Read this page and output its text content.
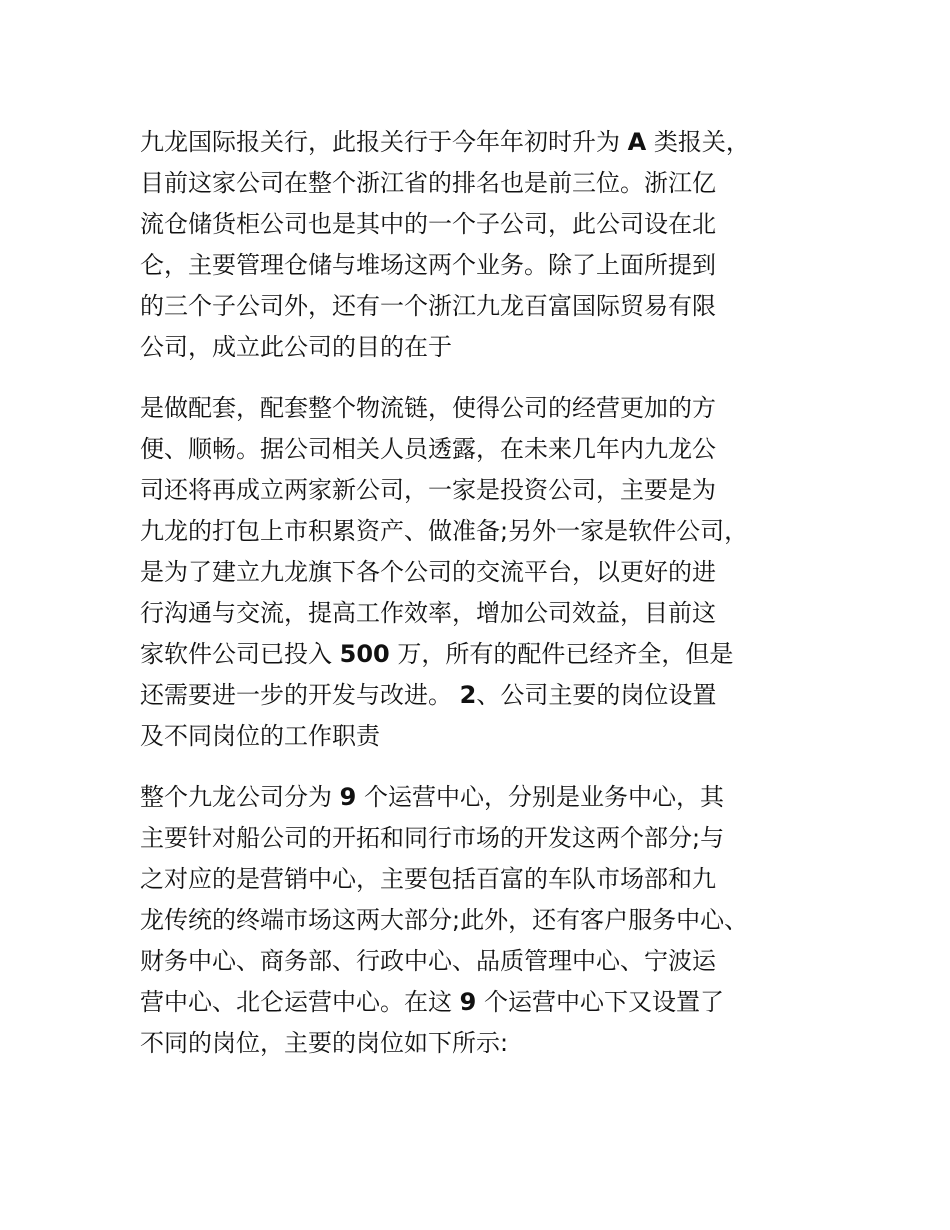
九龙国际报关行，此报关行于今年年初时升为 A 类报关，
目前这家公司在整个浙江省的排名也是前三位。浙江亿
流仓储货柜公司也是其中的一个子公司，此公司设在北
仑，主要管理仓储与堆场这两个业务。除了上面所提到
的三个子公司外，还有一个浙江九龙百富国际贸易有限
公司，成立此公司的目的在于
是做配套，配套整个物流链，使得公司的经营更加的方
便、顺畅。据公司相关人员透露，在未来几年内九龙公
司还将再成立两家新公司，一家是投资公司，主要是为
九龙的打包上市积累资产、做准备;另外一家是软件公司，
是为了建立九龙旗下各个公司的交流平台，以更好的进
行沟通与交流，提高工作效率，增加公司效益，目前这
家软件公司已投入 500 万，所有的配件已经齐全，但是
还需要进一步的开发与改进。 2、公司主要的岗位设置
及不同岗位的工作职责
整个九龙公司分为 9 个运营中心，分别是业务中心，其
主要针对船公司的开拓和同行市场的开发这两个部分;与
之对应的是营销中心，主要包括百富的车队市场部和九
龙传统的终端市场这两大部分;此外，还有客户服务中心、
财务中心、商务部、行政中心、品质管理中心、宁波运
营中心、北仑运营中心。在这 9 个运营中心下又设置了
不同的岗位，主要的岗位如下所示:
